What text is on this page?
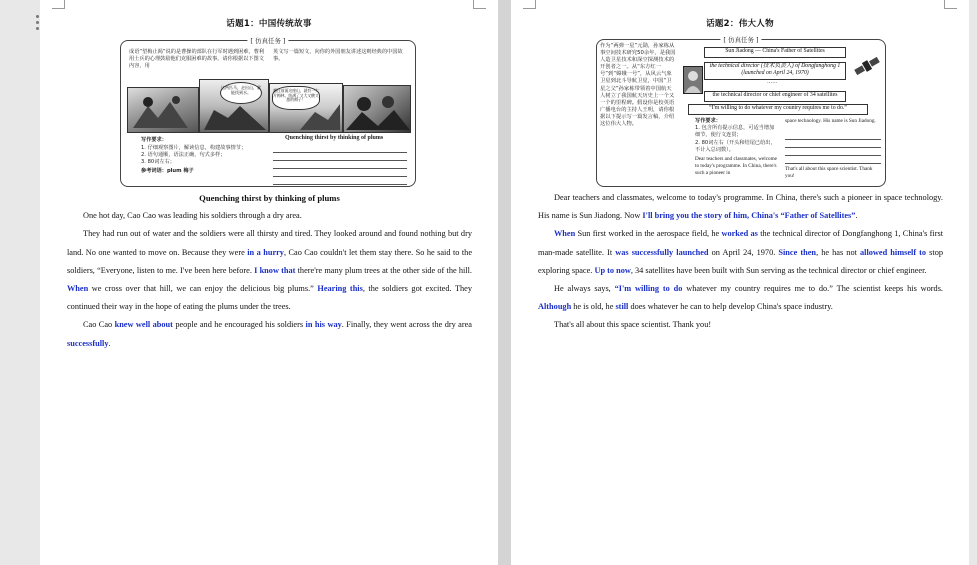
话题1：中国传统故事
[ 仿真任务 ]
成语“望梅止渴”说的是曹操的部队在行军时遇到困难，曹利用士兵的心理鼓励他们克服困难的故事。请你根据以下图文内容，用
英文写一篇短文，向你的外国朋友讲述这则经典的中国故事。
这两匹马，走出山，就能找到水。	翻过前面这座山，就有一大片梅林，结满了又大又酸又甜的梅子！
写作要求：
1. 仔细观察图片，解读信息，构建故事情节；
2. 语句通顺，语法正确，句式多样；
3. 80词左右；
参考词语：plum 梅子
Quenching thirst by thinking of plums

Quenching thirst by thinking of plums

One hot day, Cao Cao was leading his soldiers through a dry area.

They had run out of water and the soldiers were all thirsty and tired. They looked around and found nothing but dry land. No one wanted to move on. Because they were in a hurry, Cao Cao couldn't let them stay there. So he said to the soldiers, “Everyone, listen to me. I've been here before. I know that there're many plum trees at the other side of the hill. When we cross over that hill, we can enjoy the delicious big plums.” Hearing this, the soldiers got excited. They continued their way in the hope of eating the plums under the trees.

Cao Cao knew well about people and he encouraged his soldiers in his way. Finally, they went across the dry area successfully.

话题2：伟大人物
[ 仿真任务 ]
作为“两弹一星”元勋，孙家栋从事空间技术研究50余年，是我国人造卫星技术和深空探测技术的开创者之一。从“东方红一号”到“嫦娥一号”，从风云气象卫星到北斗导航卫星，中国“卫星之父”孙家栋带领着中国航天人树立了我国航天历史上一个又一个的里程碑。假设你是校英语广播电台的主持人王明，请你根据以下提示写一篇发言稿，介绍这位伟大人物。
Sun Jiadong — China's Father of Satellites
the technical director (技术负责人) of Dongfanghong 1 (launched on April 24, 1970)
……
the technical director or chief engineer of 34 satellites
“I'm willing to do whatever my country requires me to do.”
写作要求：
1. 包含所有提示信息，可适当增加细节，使行文连贯；
2. 80词左右（开头和结尾已给出，不计入总词数）。
Dear teachers and classmates, welcome to today's programme. In China, there's such a pioneer in
space technology. His name is Sun Jiadong.
That's all about this space scientist. Thank you!

Dear teachers and classmates, welcome to today's programme. In China, there's such a pioneer in space technology. His name is Sun Jiadong. Now I'll bring you the story of him, China's “Father of Satellites”.

When Sun first worked in the aerospace field, he worked as the technical director of Dongfanghong 1, China's first man-made satellite. It was successfully launched on April 24, 1970. Since then, he has not allowed himself to stop exploring space. Up to now, 34 satellites have been built with Sun serving as the technical director or chief engineer.

He always says, “I'm willing to do whatever my country requires me to do.” The scientist keeps his words. Although he is old, he still does whatever he can to help develop China's space industry.

That's all about this space scientist. Thank you!
